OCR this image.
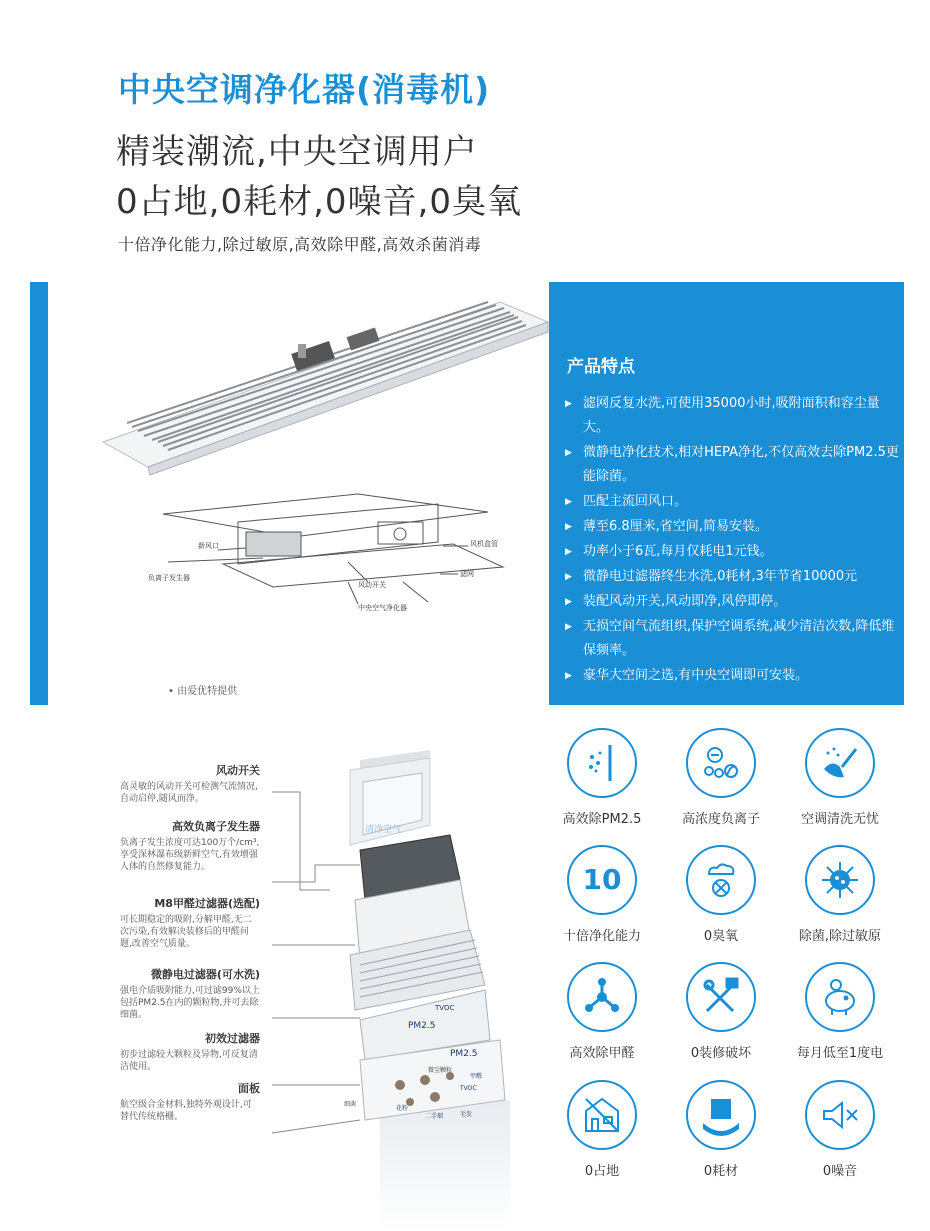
中央空调净化器(消毒机)
精装潮流,中央空调用户
0占地,0耗材,0噪音,0臭氧
十倍净化能力,除过敏原,高效除甲醛,高效杀菌消毒
新风口
负离子发生器
风机盒管
风动开关
滤网
中央空气净化器
• 由爱优特提供
产品特点
▶ 滤网反复水洗,可使用35000小时,吸附面积和容尘量大。
▶ 微静电净化技术,相对HEPA净化,不仅高效去除PM2.5更能除菌。
▶ 匹配主流回风口。
▶ 薄至6.8厘米,省空间,简易安装。
▶ 功率小于6瓦,每月仅耗电1元钱。
▶ 微静电过滤器终生水洗,0耗材,3年节省10000元
▶ 装配风动开关,风动即净,风停即停。
▶ 无损空间气流组织,保护空调系统,减少清洁次数,降低维保频率。
▶ 豪华大空间之选,有中央空调即可安装。
清净空气
PM2.5
TVOC
PM2.5
微尘颗粒
甲醛
TVOC
细菌
花粉
二手烟	毛发
风动开关
高灵敏的风动开关可检测气流情况,自动启停,随风而净。
高效负离子发生器
负离子发生浓度可达100万个/cm³,享受深林瀑布级新鲜空气,有效增强人体的自然修复能力。
M8甲醛过滤器(选配)
可长期稳定的吸附,分解甲醛,无二次污染,有效解决装修后的甲醛问题,改善空气质量。
微静电过滤器(可水洗)
强电介质吸附能力,可过滤99%以上包括PM2.5在内的颗粒物,并可去除细菌。
初效过滤器
初步过滤较大颗粒及异物,可反复清洁使用。
面板
航空级合金材料,独特外观设计,可替代传统格栅。
高效除PM2.5	高浓度负离子	空调清洗无忧
10
十倍净化能力	0臭氧	除菌,除过敏原
高效除甲醛	0装修破坏	每月低至1度电
0占地	0耗材	0噪音
